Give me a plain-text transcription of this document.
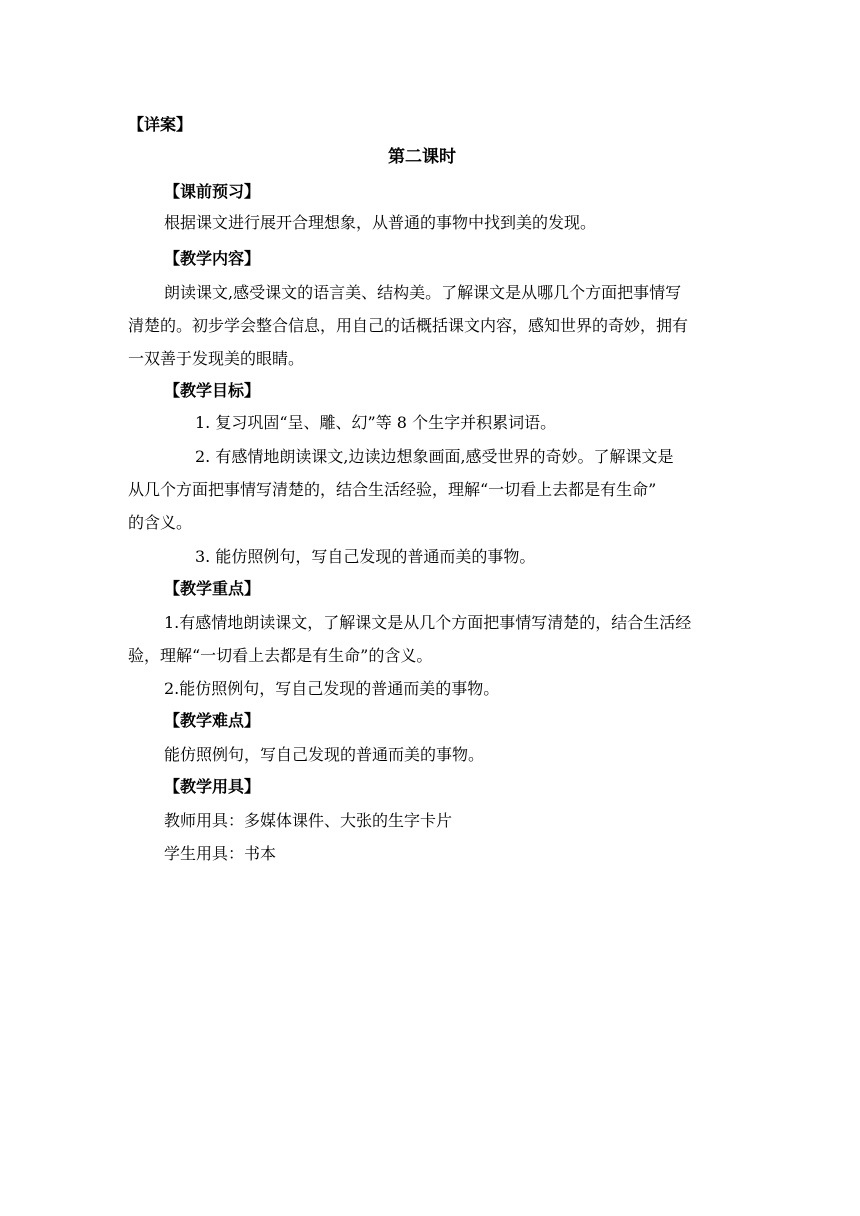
【详案】
第二课时
【课前预习】
根据课文进行展开合理想象，从普通的事物中找到美的发现。
【教学内容】
朗读课文,感受课文的语言美、结构美。了解课文是从哪几个方面把事情写
清楚的。初步学会整合信息，用自己的话概括课文内容，感知世界的奇妙，拥有
一双善于发现美的眼睛。
【教学目标】
1. 复习巩固“呈、雕、幻”等 8 个生字并积累词语。
2. 有感情地朗读课文,边读边想象画面,感受世界的奇妙。了解课文是
从几个方面把事情写清楚的，结合生活经验，理解“一切看上去都是有生命”
的含义。
3. 能仿照例句，写自己发现的普通而美的事物。
【教学重点】
1.有感情地朗读课文，了解课文是从几个方面把事情写清楚的，结合生活经
验，理解“一切看上去都是有生命”的含义。
2.能仿照例句，写自己发现的普通而美的事物。
【教学难点】
能仿照例句，写自己发现的普通而美的事物。
【教学用具】
教师用具：多媒体课件、大张的生字卡片
学生用具：书本
